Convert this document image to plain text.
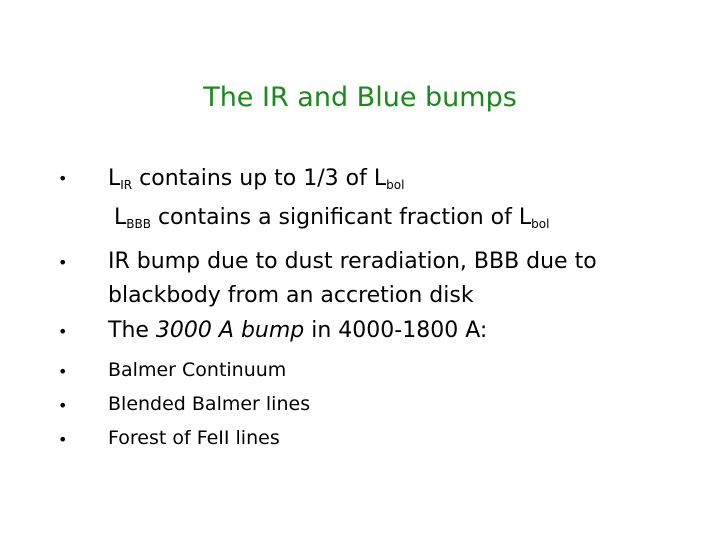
The IR and Blue bumps
• $L_{IR}$ contains up to 1/3 of $L_{bol}$
$L_{BBB}$ contains a significant fraction of $L_{bol}$
• IR bump due to dust reradiation, BBB due to
blackbody from an accretion disk
• The 3000 A bump in 4000-1800 A:
• Balmer Continuum
• Blended Balmer lines
• Forest of FeII lines
